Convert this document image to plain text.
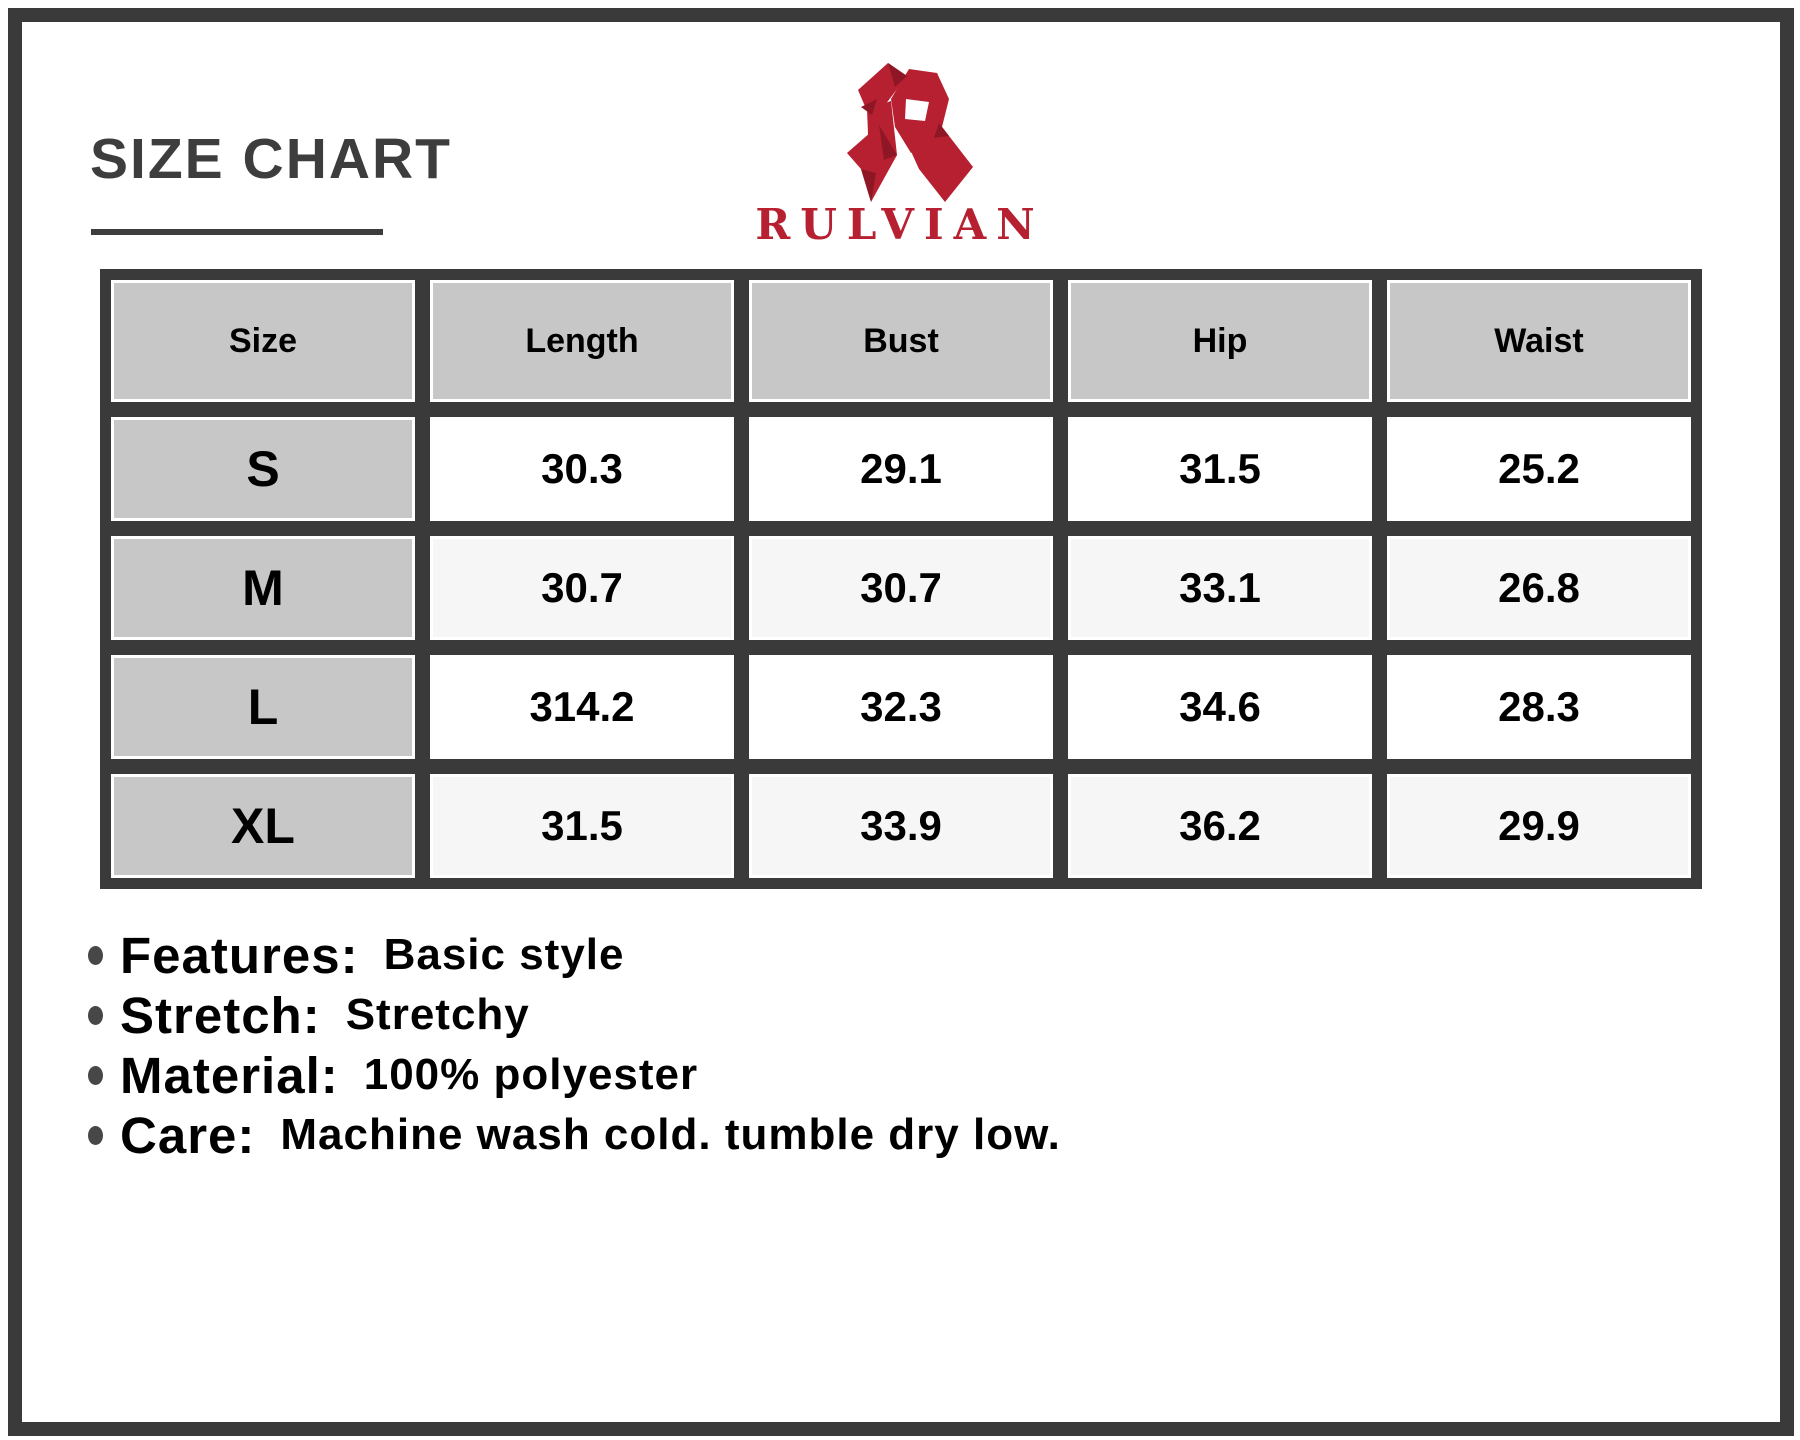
SIZE CHART
RULVIAN
Size	Length	Bust	Hip	Waist
S	30.3	29.1	31.5	25.2
M	30.7	30.7	33.1	26.8
L	314.2	32.3	34.6	28.3
XL	31.5	33.9	36.2	29.9
Features: Basic style
Stretch: Stretchy
Material: 100% polyester
Care: Machine wash cold. tumble dry low.
